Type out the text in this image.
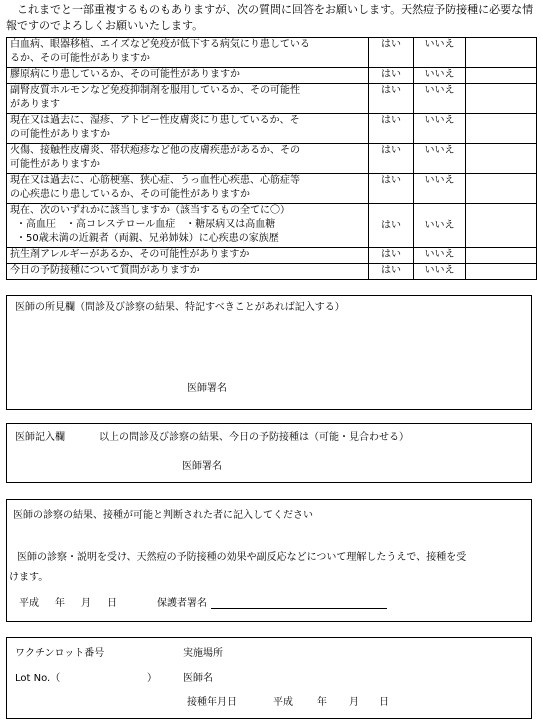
　これまでと一部重複するものもありますが、次の質問に回答をお願いします。天然痘予防接種に必要な情報ですのでよろしくお願いいたします。
白血病、眼器移植、エイズなど免疫が低下する病気にり患している
るか、その可能性がありますか	はい	いいえ	

膠原病にり患しているか、その可能性がありますか	はい	いいえ	

副腎皮質ホルモンなど免疫抑制剤を服用しているか、その可能性
があります	はい	いいえ	

現在又は過去に、湿疹、アトピー性皮膚炎にり患しているか、そ
の可能性がありますか	はい	いいえ	

火傷、接触性皮膚炎、帯状疱疹など他の皮膚疾患があるか、その
可能性がありますか	はい	いいえ	

現在又は過去に、心筋梗塞、狭心症、うっ血性心疾患、心筋症等
の心疾患にり患しているか、その可能性がありますか	はい	いいえ	

現在、次のいずれかに該当しますか（該当するもの全てに〇）
・高血圧　・高コレステロール血症　・糖尿病又は高血糖
・50歳未満の近親者（両親、兄弟姉妹）に心疾患の家族歴	はい	いいえ	

抗生剤アレルギーがあるか、その可能性がありますか	はい	いいえ	

今日の予防接種について質問がありますか	はい	いいえ	
医師の所見欄（問診及び診察の結果、特記すべきことがあれば記入する）
医師署名
医師記入欄	以上の問診及び診察の結果、今日の予防接種は（可能・見合わせる）
医師署名
医師の診察の結果、接種が可能と判断された者に記入してください
医師の診察・説明を受け、天然痘の予防接種の効果や副反応などについて理解したうえで、接種を受
けます。
平成 年 月 日	保護者署名
ワクチンロット番号	実施場所
Lot No.（	）	医師名
接種年月日	平成 年 月 日
